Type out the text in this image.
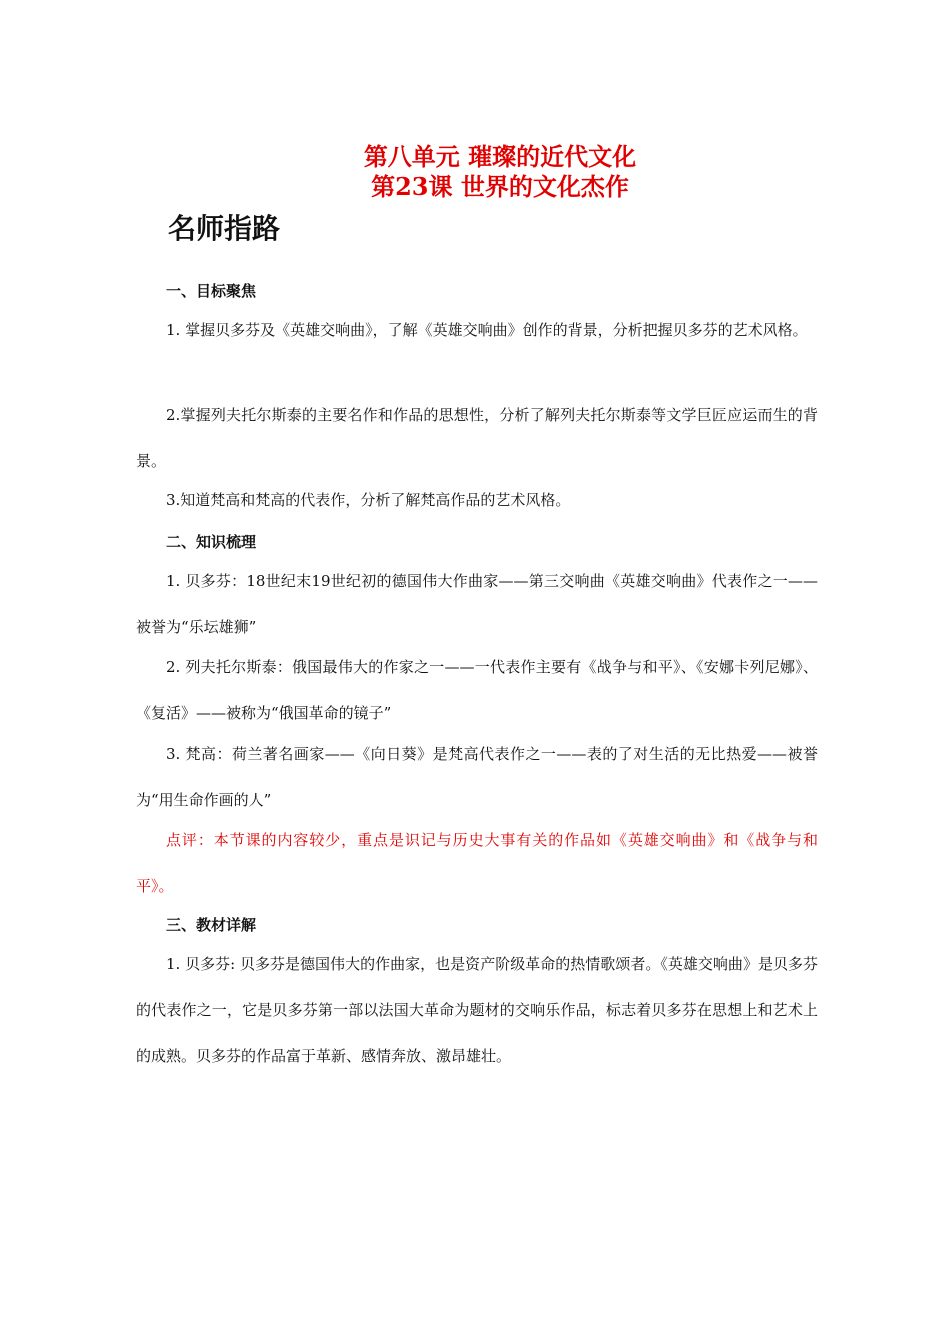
第八单元 璀璨的近代文化
第23课 世界的文化杰作
名师指路
一、目标聚焦
1. 掌握贝多芬及《英雄交响曲》，了解《英雄交响曲》创作的背景，分析把握贝多芬的艺术风格。
2.掌握列夫托尔斯泰的主要名作和作品的思想性，分析了解列夫托尔斯泰等文学巨匠应运而生的背景。
3.知道梵高和梵高的代表作，分析了解梵高作品的艺术风格。
二、知识梳理
1. 贝多芬：18世纪末19世纪初的德国伟大作曲家——第三交响曲《英雄交响曲》代表作之一——被誉为“乐坛雄狮”
2. 列夫托尔斯泰：俄国最伟大的作家之一——一代表作主要有《战争与和平》、《安娜卡列尼娜》、《复活》——被称为“俄国革命的镜子”
3. 梵高：荷兰著名画家——《向日葵》是梵高代表作之一——表的了对生活的无比热爱——被誉为“用生命作画的人”
点评：本节课的内容较少，重点是识记与历史大事有关的作品如《英雄交响曲》和《战争与和平》。
三、教材详解
1. 贝多芬: 贝多芬是德国伟大的作曲家，也是资产阶级革命的热情歌颂者。《英雄交响曲》是贝多芬的代表作之一，它是贝多芬第一部以法国大革命为题材的交响乐作品，标志着贝多芬在思想上和艺术上的成熟。贝多芬的作品富于革新、感情奔放、激昂雄壮。
